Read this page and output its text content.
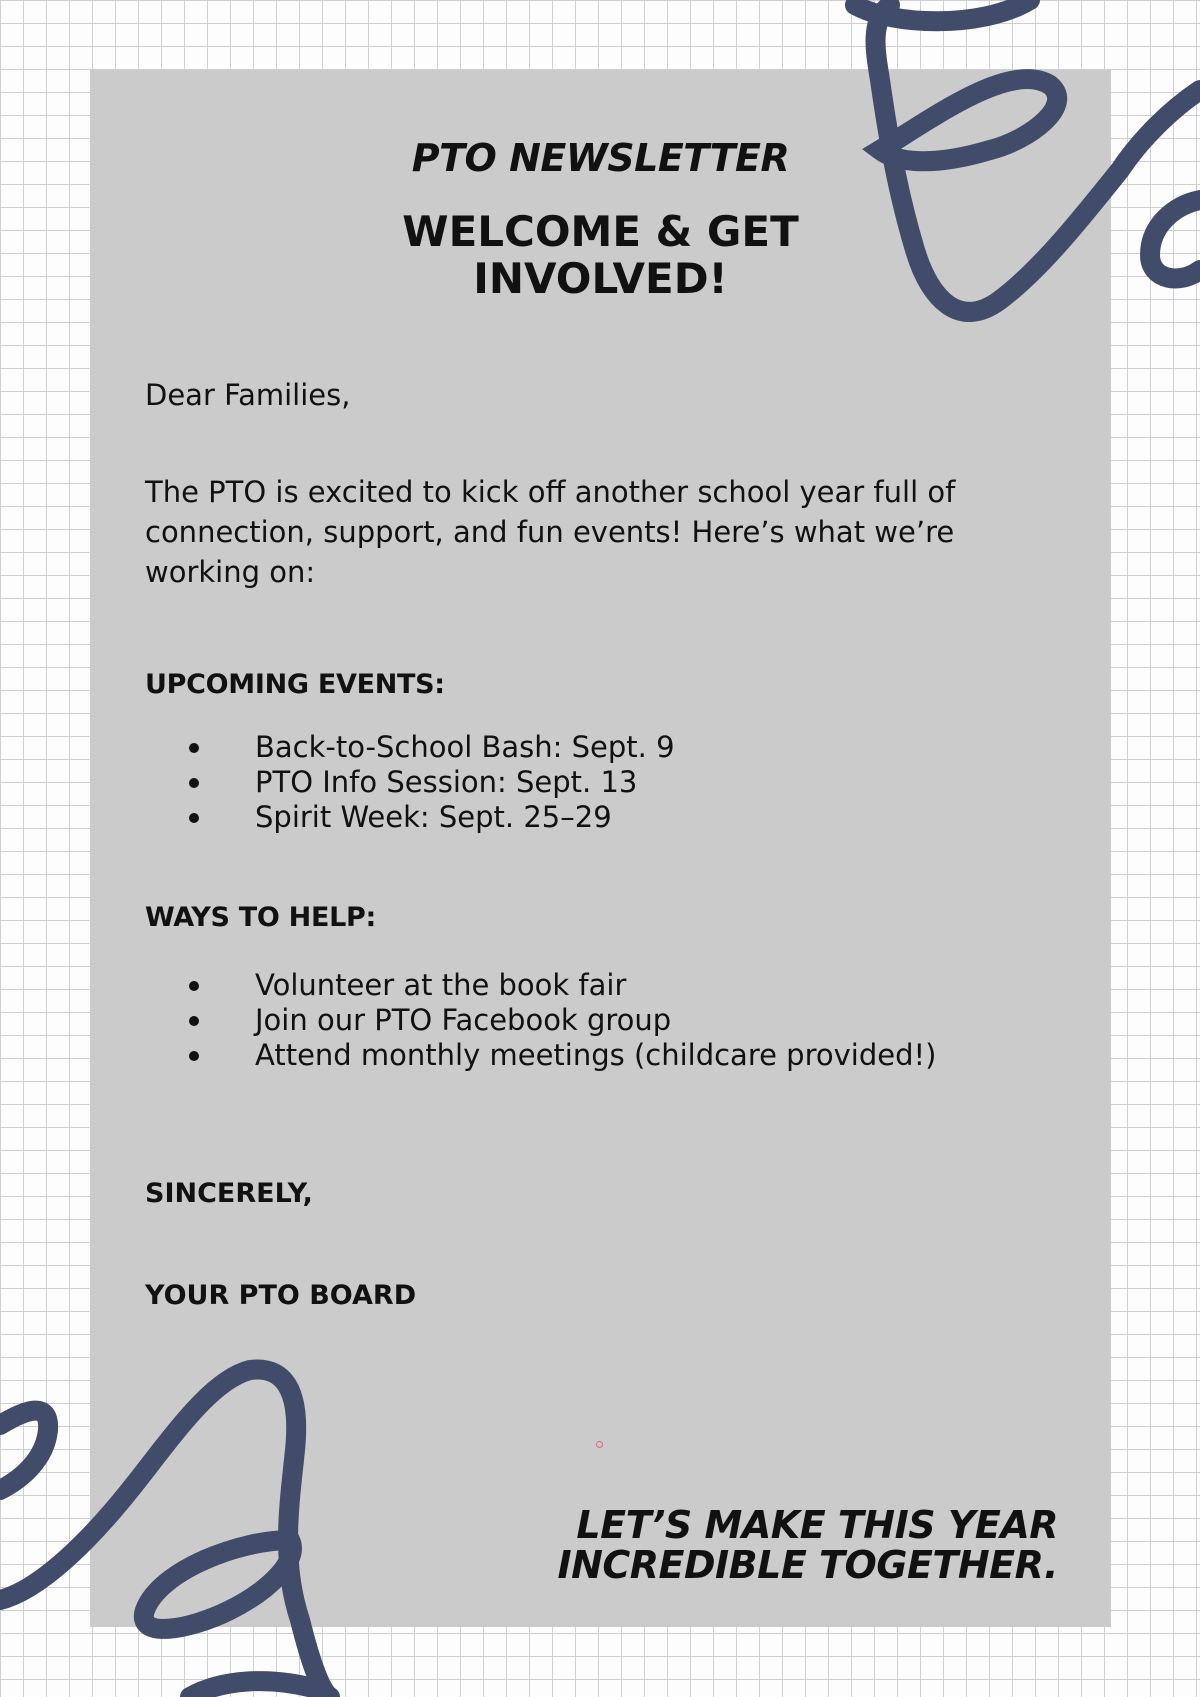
PTO NEWSLETTER
WELCOME & GET
INVOLVED!
Dear Families,
The PTO is excited to kick off another school year full of connection, support, and fun events! Here’s what we’re working on:
UPCOMING EVENTS:
Back-to-School Bash: Sept. 9
PTO Info Session: Sept. 13
Spirit Week: Sept. 25–29
WAYS TO HELP:
Volunteer at the book fair
Join our PTO Facebook group
Attend monthly meetings (childcare provided!)
SINCERELY,
YOUR PTO BOARD
LET’S MAKE THIS YEAR
INCREDIBLE TOGETHER.
